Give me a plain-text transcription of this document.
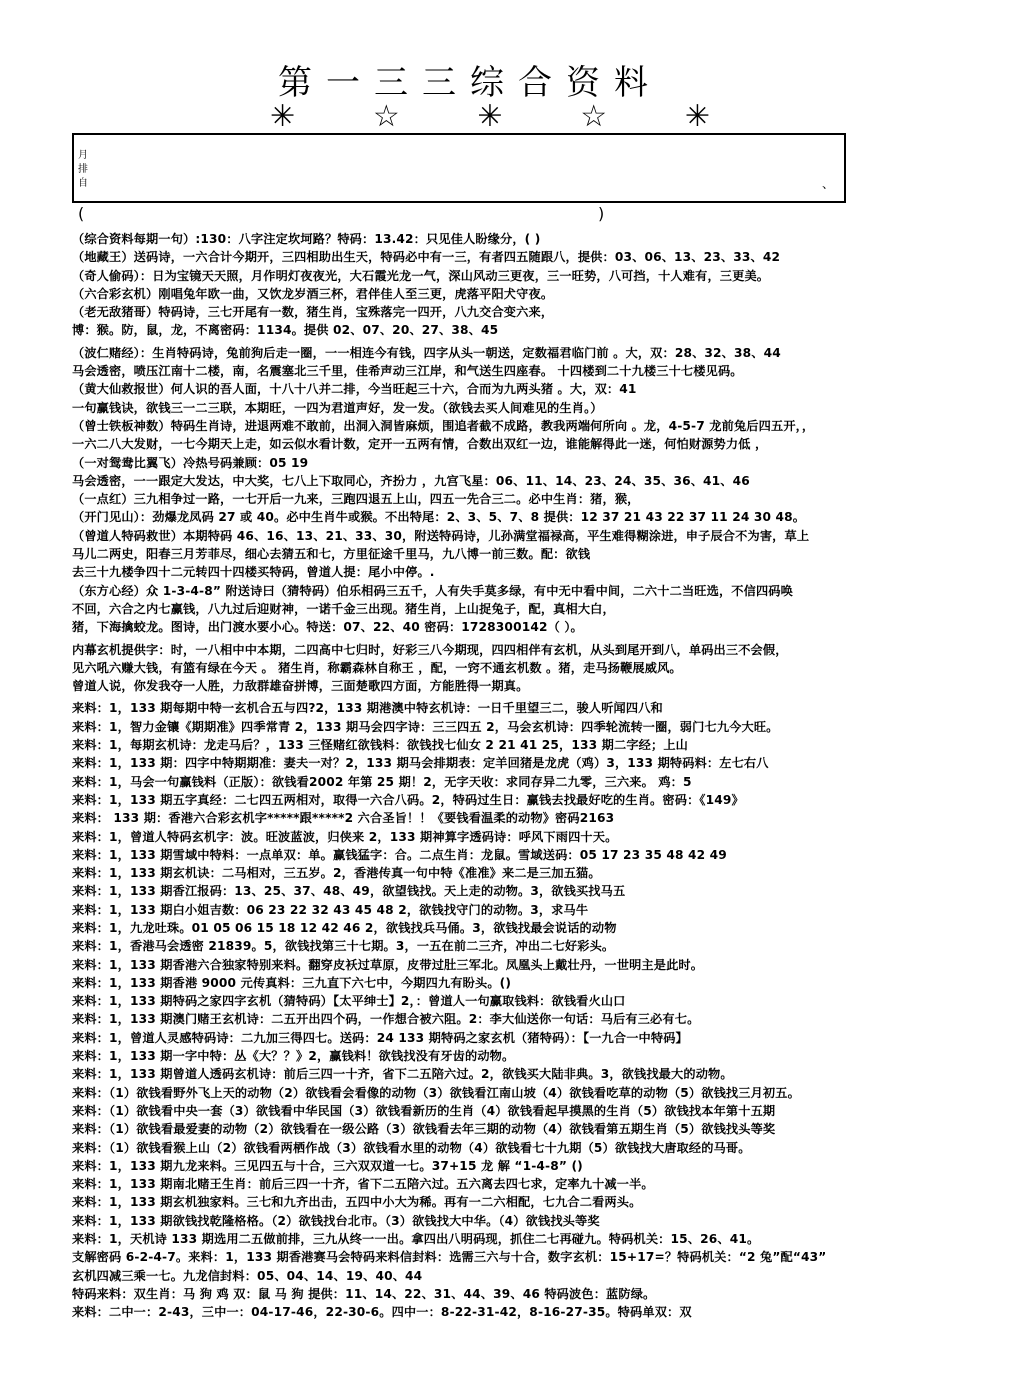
第一三三综合资料
✳	☆	✳	☆	✳
月
排
自	、
(	)
（综合资料每期一句）:130：八字注定坎坷路？特码：13.42：只见佳人盼缘分，( )
（地藏王）送码诗，一六合计今期开，三四相助出生天，特码必中有一三，有者四五随跟八，提供：03、06、13、23、33、42
（奇人偷码）：日为宝镜天天照，月作明灯夜夜光，大石霞光龙一气，深山风动三更夜，三一旺势，八可挡，十人难有，三更美。
（六合彩玄机）刚唱兔年欧一曲，又饮龙岁酒三杯，君伴佳人至三更，虎落平阳犬守夜。
（老无敌猪哥）特码诗，三七开尾有一数，猪生肖，宝殊落完一四开，八九交合变六来，
博：猴。防，鼠，龙，不离密码：1134。提供 02、07、20、27、38、45
（波仁赌经）：生肖特码诗，兔前狗后走一圈，一一相连今有钱，四字从头一朝送，定数福君临门前 。大，双：28、32、38、44
马会透密，喷压江南十二楼，南，名震塞北三千里，佳希声动三江岸，和气送生四座春。 十四楼到二十九楼三十七楼见码。
（黄大仙救报世）何人识的吾人面，十八十八并二排，今当旺起三十六，合而为九两头猪 。大，双：41
一句赢钱诀，欲钱三一二三联，本期旺，一四为君道声好，发一发。（欲钱去买人间难见的生肖。）
（曾士铁板神数）特码生肖诗，进退两难不敢前，出洞入洞皆麻烦，围追者截不成路，教我两端何所向 。龙，4-5-7 龙前兔后四五开，，
一六二八大发财，一七今期天上走，如云似水看计数，定开一五两有情，合数出双红一边，谁能解得此一迷，何怕财源势力低 ，
（一对鸳鸯比翼飞）冷热号码兼顾：05 19
马会透密，一一跟定大发达，中大奖，七八上下取同心，齐扮力 ，九宫飞星：06、11、14、23、24、35、36、41、46
（一点红）三九相争过一路，一七开后一九来，三跑四退五上山，四五一先合三二。必中生肖：猪，猴，
（开门见山）：劲爆龙凤码 27 或 40。必中生肖牛或猴。不出特尾：2、3、5、7、8 提供：12 37 21 43 22 37 11 24 30 48。
（曾道人特码救世）本期特码 46、16、13、21、33、30，附送特码诗，儿孙满堂福禄高，平生难得糊涂进，申子辰合不为害，草上
马儿二两史，阳春三月芳菲尽，细心去猜五和七，方里征途千里马，九八博一前三数。配：欲钱
去三十九楼争四十二元转四十四楼买特码，曾道人提：尾小中停。.
（东方心经）众 1-3-4-8” 附送诗曰（猜特码）伯乐相码三五千，人有失手莫多绿，有中无中看中间，二六十二当旺选，不信四码唤
不回，六合之内七赢钱，八九过后迎财神，一诺千金三出现。猪生肖，上山捉兔子，配，真相大白，
猪，下海擒蛟龙。图诗，出门渡水要小心。特送：07、22、40 密码：1728300142（ ）。
内幕玄机提供字：时，一八相中中本期，二四高中七归时，好彩三八今期现，四四相伴有玄机，从头到尾开到八，单码出三不会假，
见六吼六赚大钱，有篮有绿在今天 。 猪生肖，称霸森林自称王 ，配，一窍不通玄机数 。猪，走马扬鞭展威风。
曾道人说，你发我夺一人胜，力敌群雄奋拼博，三面楚歌四方面，方能胜得一期真。
来料：1，133 期每期中特一玄机合五与四?2，133 期港澳中特玄机诗：一日千里望三二，骏人听闻四八和
来料：1，智力金镶《期期准》四季常青 2，133 期马会四字诗：三三四五 2，马会玄机诗：四季轮流转一圈，弱门七九今大旺。
来料：1，每期玄机诗：龙走马后？，133 三怪赌红欲钱料：欲钱找七仙女 2 21 41 25，133 期二字经；上山
来料：1，133 期：四字中特期期准：妻夫一对？2，133 期马会排期表：定羊回猪是龙虎（鸡）3，133 期特码料：左七右八
来料：1，马会一句赢钱料（正版）：欲钱看2002 年第 25 期！2，无字天收：求同存异二九零，三六来。 鸡：5
来料：1，133 期五字真经：二七四五两相对，取得一六合八码。2，特码过生日：赢钱去找最好吃的生肖。密码：《149》
来料： 133 期：香港六合彩玄机字*****跟*****2 六合圣旨！！《要钱看温柔的动物》密码2163
来料：1，曾道人特码玄机字：波。旺波蓝波，归侠来 2，133 期神算字透码诗：呼风下雨四十天。
来料：1，133 期雪域中特料：一点单双：单。赢钱猛字：合。二点生肖：龙鼠。雪域送码：05 17 23 35 48 42 49
来料：1，133 期玄机诀：二马相对，三五岁。2，香港传真一句中特《准准》来二是三加五猫。
来料：1，133 期香江报码：13、25、37、48、49，欲望钱找。天上走的动物。3，欲钱买找马五
来料：1，133 期白小姐吉数：06 23 22 32 43 45 48 2，欲钱找守门的动物。3，求马牛
来料：1，九龙吐珠。01 05 06 15 18 12 42 46 2，欲钱找兵马俑。3，欲钱找最会说话的动物
来料：1，香港马会透密 21839。5，欲钱找第三十七期。3，一五在前二三齐，冲出二七好彩头。
来料：1，133 期香港六合独家特别来料。翻穿皮袄过草原，皮带过肚三军北。凤凰头上戴壮丹，一世明主是此时。
来料：1，133 期香港 9000 元传真料：三九直下六七中，今期四九有盼头。()
来料：1，133 期特码之家四字玄机（猜特码）【太平绅士】2，：曾道人一句赢取钱料：欲钱看火山口
来料：1，133 期澳门赌王玄机诗：二五开出四个码，一作想合被六阻。2：李大仙送你一句话：马后有三必有七。
来料：1，曾道人灵感特码诗：二九加三得四七。送码：24 133 期特码之家玄机（猪特码）：【一九合一中特码】
来料：1，133 期一字中特：丛《大？？》2，赢钱料！欲钱找没有牙齿的动物。
来料：1，133 期曾道人透码玄机诗：前后三四一十齐，省下二五陪六过。2，欲钱买大陆非典。3，欲钱找最大的动物。
来料：（1）欲钱看野外飞上天的动物（2）欲钱看会看像的动物（3）欲钱看江南山坡（4）欲钱看吃草的动物（5）欲钱找三月初五。
来料：（1）欲钱看中央一套（3）欲钱看中华民国（3）欲钱看新历的生肖（4）欲钱看起早摸黑的生肖（5）欲钱找本年第十五期
来料：（1）欲钱看最爱妻的动物（2）欲钱看在一级公路（3）欲钱看去年三期的动物（4）欲钱看第五期生肖（5）欲钱找头等奖
来料：（1）欲钱看猴上山（2）欲钱看两栖作战（3）欲钱看水里的动物（4）欲钱看七十九期（5）欲钱找大唐取经的马哥。
来料：1，133 期九龙来料。三见四五与十合，三六双双道一七。37+15 龙 解 “1-4-8” ()
来料：1，133 期南北赌王生肖：前后三四一十齐，省下二五陪六过。五六离去四七求，定率九十减一半。
来料：1，133 期玄机独家料。三七和九齐出击，五四中小大为稀。再有一二六相配，七九合二看两头。
来料：1，133 期欲钱找乾隆格格。（2）欲钱找台北市。（3）欲钱找大中华。（4）欲钱找头等奖
来料：1，天机诗 133 期选用二五做前排，三九从终一一出。拿四出八明码现，抓住二七再碰九。特码机关：15、26、41。
支解密码 6-2-4-7。来料：1，133 期香港赛马会特码来料信封料：选需三六与十合，数字玄机：15+17=？特码机关：“2 兔”配“43”
玄机四减三乘一七。九龙信封料：05、04、14、19、40、44
特码来料：双生肖：马 狗 鸡 双：鼠 马 狗 提供：11、14、22、31、44、39、46 特码波色：蓝防绿。
来料：二中一：2-43，三中一：04-17-46，22-30-6。四中一：8-22-31-42，8-16-27-35。特码单双：双
